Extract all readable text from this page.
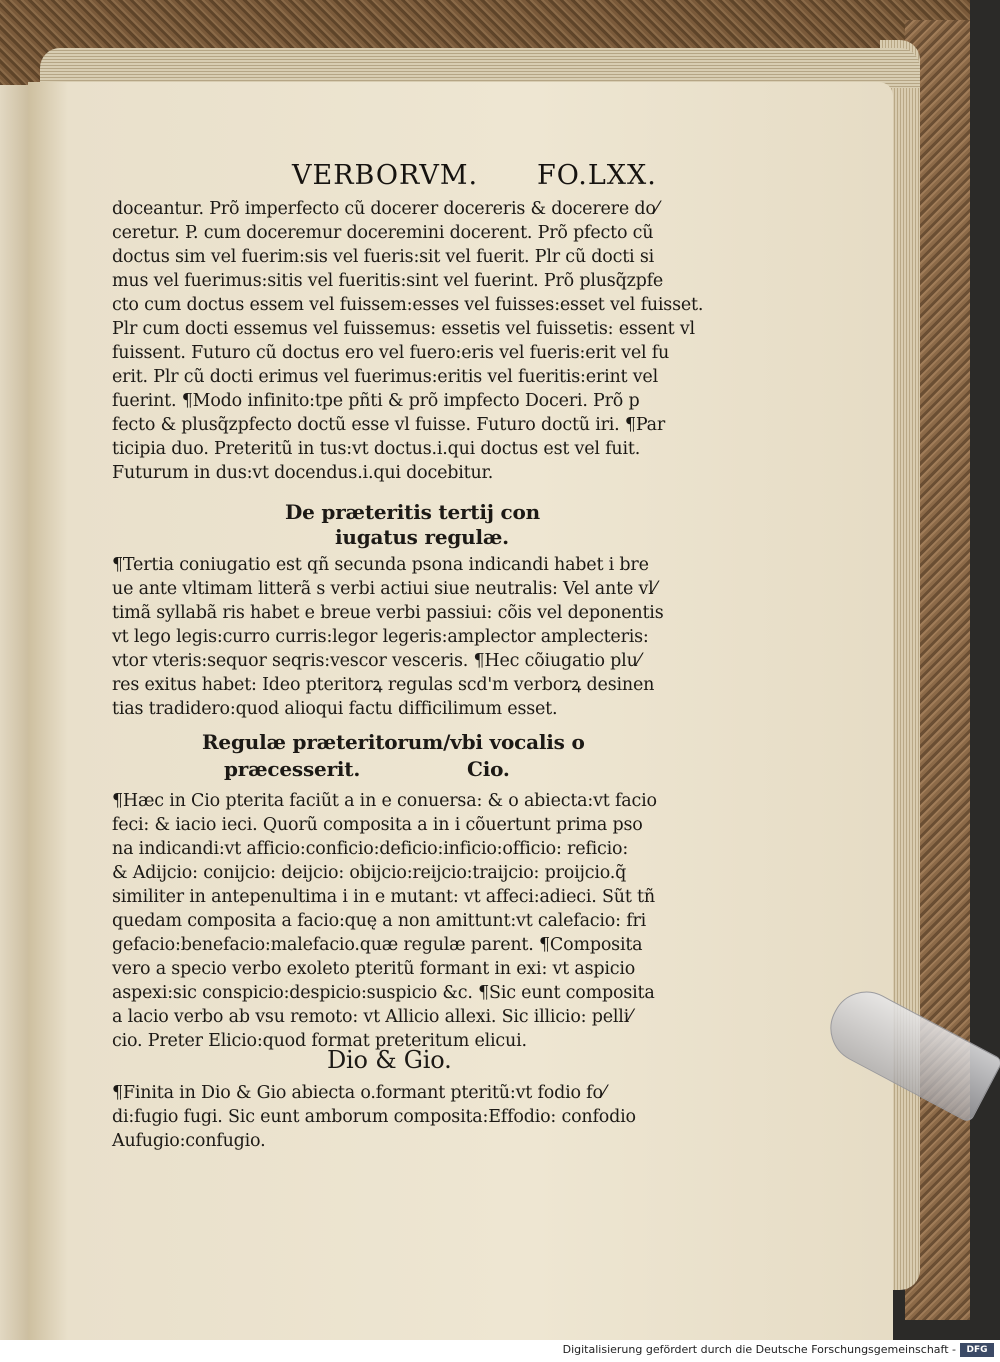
VERBORVM. FO.LXX.
doceantur. Prõ imperfecto cũ docerer docereris & docerere do⁄
ceretur. P. cum doceremur doceremini docerent. Prõ pfecto cũ
doctus sim vel fuerim:sis vel fueris:sit vel fuerit. Plr cũ docti si
mus vel fuerimus:sitis vel fueritis:sint vel fuerint. Prõ plusq̃zpfe
cto cum doctus essem vel fuissem:esses vel fuisses:esset vel fuisset.
Plr cum docti essemus vel fuissemus: essetis vel fuissetis: essent vl
fuissent. Futuro cũ doctus ero vel fuero:eris vel fueris:erit vel fu
erit. Plr cũ docti erimus vel fuerimus:eritis vel fueritis:erint vel
fuerint. ¶Modo infinito:tpe pñti & prõ impfecto Doceri. Prõ p
fecto & plusq̃zpfecto doctũ esse vl fuisse. Futuro doctũ iri. ¶Par
ticipia duo. Preteritũ in tus:vt doctus.i.qui doctus est vel fuit.
Futurum in dus:vt docendus.i.qui docebitur.
De præteritis tertij con
iugatus regulæ.
¶Tertia coniugatio est qñ secunda psona indicandi habet i bre
ue ante vltimam litterã s verbi actiui siue neutralis: Vel ante vl⁄
timã syllabã ris habet e breue verbi passiui: cõis vel deponentis
vt lego legis:curro curris:legor legeris:amplector amplecteris:
vtor vteris:sequor seqris:vescor vesceris. ¶Hec cõiugatio plu⁄
res exitus habet: Ideo pteritorꝝ regulas scd'm verborꝝ desinen
tias tradidero:quod alioqui factu difficilimum esset.
Regulæ præteritorum/vbi vocalis o
præcesserit.	Cio.
¶Hæc in Cio pterita faciũt a in e conuersa: & o abiecta:vt facio
feci: & iacio ieci. Quorũ composita a in i cõuertunt prima pso
na indicandi:vt afficio:conficio:deficio:inficio:officio: reficio:
& Adijcio: conijcio: deijcio: obijcio:reijcio:traijcio: proijcio.q̃
similiter in antepenultima i in e mutant: vt affeci:adieci. Sũt tñ
quedam composita a facio:quę a non amittunt:vt calefacio: fri
gefacio:benefacio:malefacio.quæ regulæ parent. ¶Composita
vero a specio verbo exoleto pteritũ formant in exi: vt aspicio
aspexi:sic conspicio:despicio:suspicio &c. ¶Sic eunt composita
a lacio verbo ab vsu remoto: vt Allicio allexi. Sic illicio: pelli⁄
cio. Preter Elicio:quod format preteritum elicui.
Dio & Gio.
¶Finita in Dio & Gio abiecta o.formant pteritũ:vt fodio fo⁄
di:fugio fugi. Sic eunt amborum composita:Effodio: confodio
Aufugio:confugio.
Digitalisierung gefördert durch die Deutsche Forschungsgemeinschaft -	DFG
